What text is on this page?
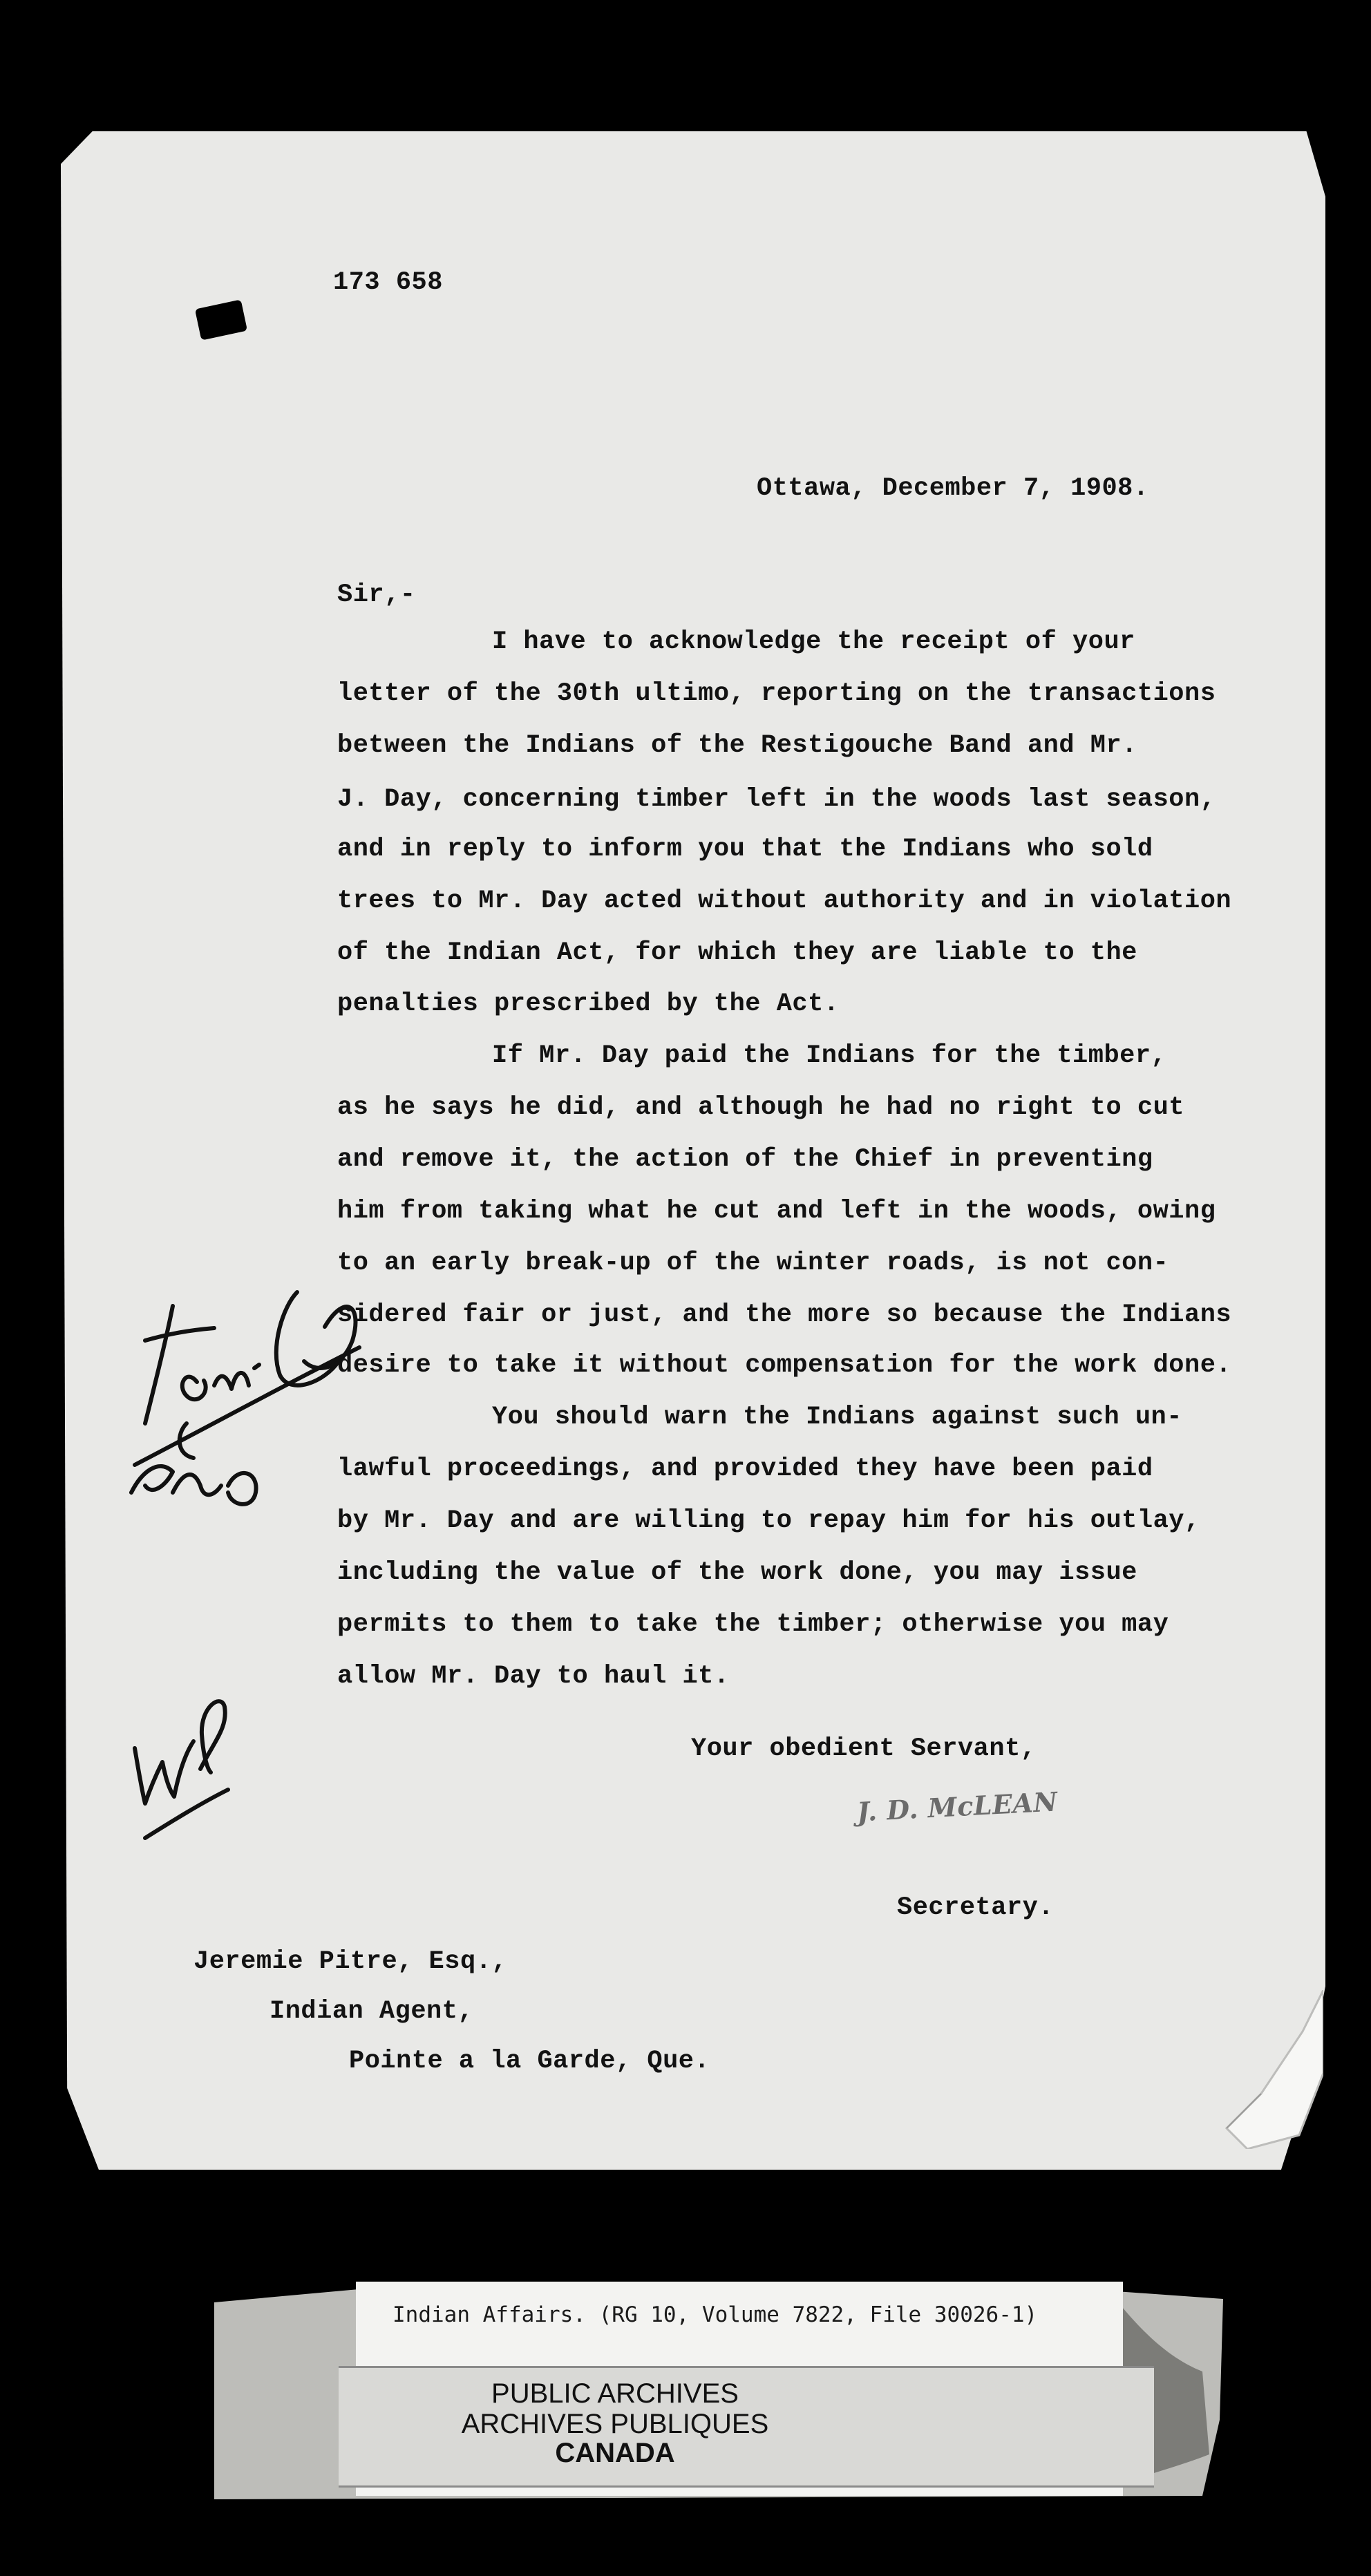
173 658
Ottawa, December 7, 1908.
Sir,-
I have to acknowledge the receipt of your
letter of the 30th ultimo, reporting on the transactions
between the Indians of the Restigouche Band and Mr.
J. Day, concerning timber left in the woods last season,
and in reply to inform you that the Indians who sold
trees to Mr. Day acted without authority and in violation
of the Indian Act, for which they are liable to the
penalties prescribed by the Act.
If Mr. Day paid the Indians for the timber,
as he says he did, and although he had no right to cut
and remove it, the action of the Chief in preventing
him from taking what he cut and left in the woods, owing
to an early break-up of the winter roads, is not con-
sidered fair or just, and the more so because the Indians
desire to take it without compensation for the work done.
You should warn the Indians against such un-
lawful proceedings, and provided they have been paid
by Mr. Day and are willing to repay him for his outlay,
including the value of the work done, you may issue
permits to them to take the timber; otherwise you may
allow Mr. Day to haul it.
Your obedient Servant,
J. D. McLEAN
Secretary.
Jeremie Pitre, Esq.,
Indian Agent,
Pointe a la Garde, Que.
Indian Affairs. (RG 10, Volume 7822, File 30026-1)
PUBLIC ARCHIVES
ARCHIVES PUBLIQUES
CANADA
